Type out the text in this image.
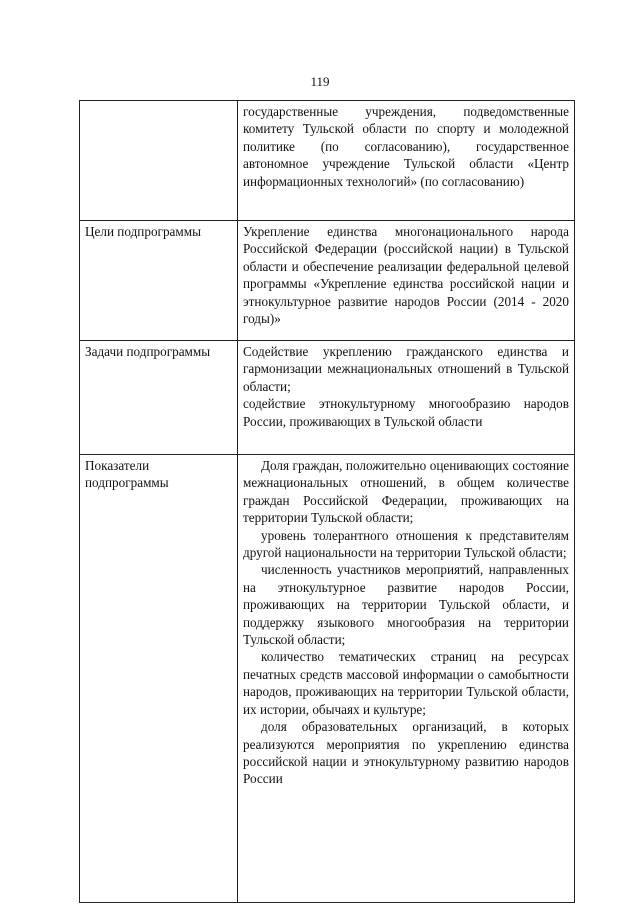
119
	государственные учреждения, подведомственные комитету Тульской области по спорту и молодежной политике (по согласованию), государственное автономное учреждение Тульской области «Центр информационных технологий» (по согласованию)
Цели подпрограммы	Укрепление единства многонационального народа Российской Федерации (российской нации) в Тульской области и обеспечение реализации федеральной целевой программы «Укрепление единства российской нации и этнокультурное развитие народов России (2014 - 2020 годы)»
Задачи подпрограммы	Содействие укреплению гражданского единства и гармонизации межнациональных отношений в Тульской области;

содействие этнокультурному многообразию народов России, проживающих в Тульской области

Показатели подпрограммы	Доля граждан, положительно оценивающих состояние межнациональных отношений, в общем количестве граждан Российской Федерации, проживающих на территории Тульской области;

уровень толерантного отношения к представителям другой национальности на территории Тульской области;

численность участников мероприятий, направленных на этнокультурное развитие народов России, проживающих на территории Тульской области, и поддержку языкового многообразия на территории Тульской области;

количество тематических страниц на ресурсах печатных средств массовой информации о самобытности народов, проживающих на территории Тульской области, их истории, обычаях и культуре;

доля образовательных организаций, в которых реализуются мероприятия по укреплению единства российской нации и этнокультурному развитию народов России
